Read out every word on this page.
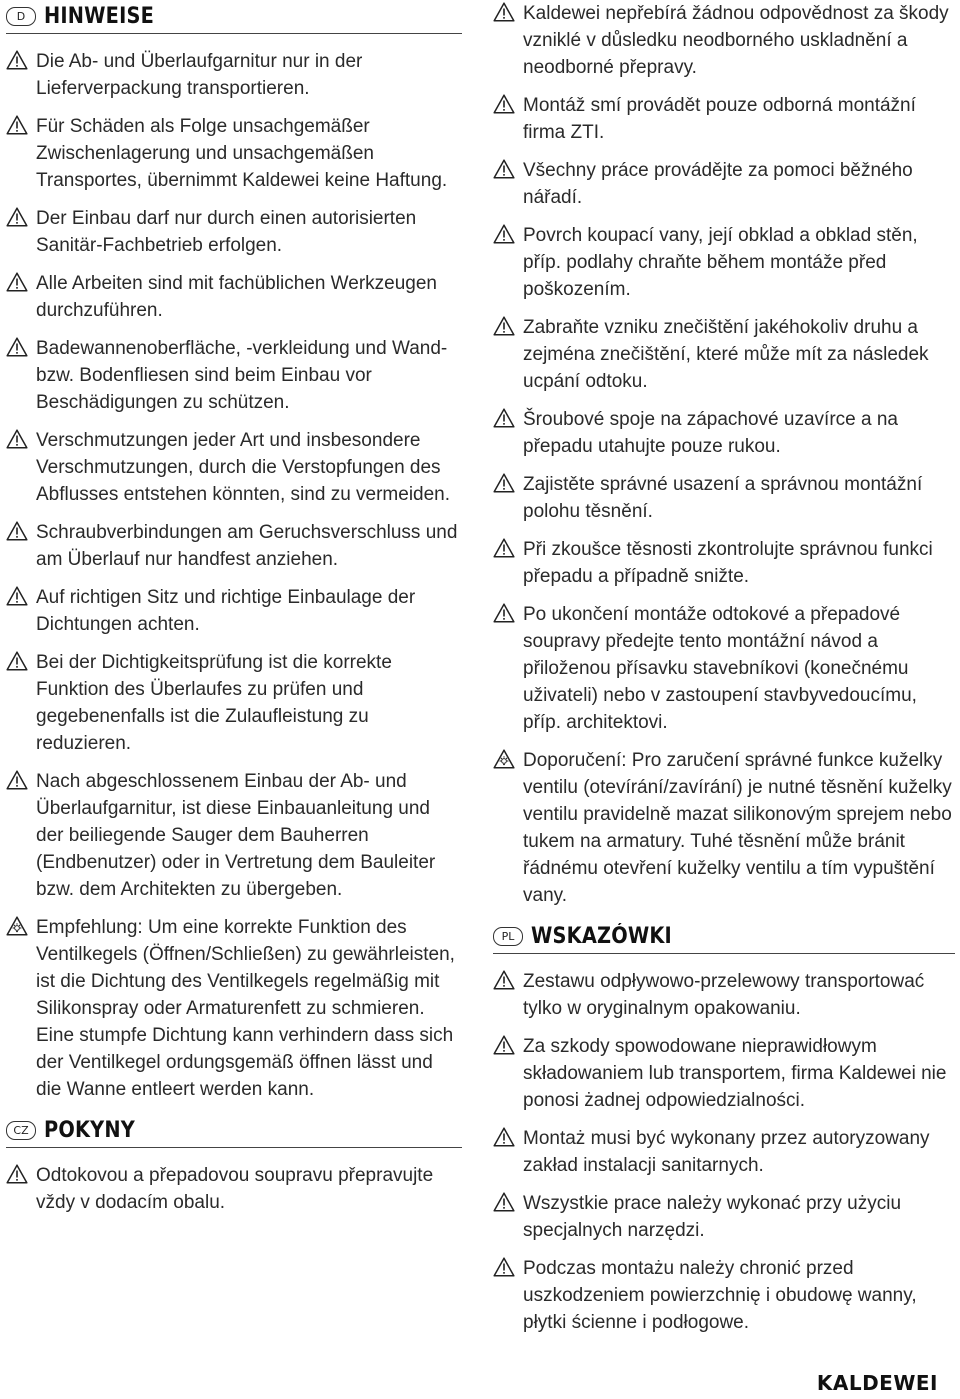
D HINWEISE
Die Ab- und Überlaufgarnitur nur in der Lieferverpackung transportieren.
Für Schäden als Folge unsachgemäßer Zwischenlagerung und unsachgemäßen Transportes, übernimmt Kaldewei keine Haftung.
Der Einbau darf nur durch einen autorisierten Sanitär-Fachbetrieb erfolgen.
Alle Arbeiten sind mit fachüblichen Werkzeugen durchzuführen.
Badewannenoberfläche, -verkleidung und Wand- bzw. Bodenfliesen sind beim Einbau vor Beschädigungen zu schützen.
Verschmutzungen jeder Art und insbesondere Verschmutzungen, durch die Verstopfungen des Abflusses entstehen könnten, sind zu vermeiden.
Schraubverbindungen am Geruchsverschluss und am Überlauf nur handfest anziehen.
Auf richtigen Sitz und richtige Einbaulage der Dichtungen achten.
Bei der Dichtigkeitsprüfung ist die korrekte Funktion des Überlaufes zu prüfen und gegebenenfalls ist die Zulaufleistung zu reduzieren.
Nach abgeschlossenem Einbau der Ab- und Überlaufgarnitur, ist diese Einbauanleitung und der beiliegende Sauger dem Bauherren (Endbenutzer) oder in Vertretung dem Bauleiter bzw. dem Architekten zu übergeben.
Empfehlung: Um eine korrekte Funktion des Ventilkegels (Öffnen/Schließen) zu gewährleisten, ist die Dichtung des Ventilkegels regelmäßig mit Silikonspray oder Armaturenfett zu schmieren. Eine stumpfe Dichtung kann verhindern dass sich der Ventilkegel ordungsgemäß öffnen lässt und die Wanne entleert werden kann.
CZ POKYNY
Odtokovou a přepadovou soupravu přepravujte vždy v dodacím obalu.
Kaldewei nepřebírá žádnou odpovědnost za škody vzniklé v důsledku neodborného uskladnění a neodborné přepravy.
Montáž smí provádět pouze odborná montážní firma ZTI.
Všechny práce provádějte za pomoci běžného nářadí.
Povrch koupací vany, její obklad a obklad stěn, příp. podlahy chraňte během montáže před poškozením.
Zabraňte vzniku znečištění jakéhokoliv druhu a zejména znečištění, které může mít za následek ucpání odtoku.
Šroubové spoje na zápachové uzavírce a na přepadu utahujte pouze rukou.
Zajistěte správné usazení a správnou montážní polohu těsnění.
Při zkoušce těsnosti zkontrolujte správnou funkci přepadu a případně snižte.
Po ukončení montáže odtokové a přepadové soupravy předejte tento montážní návod a přiloženou přísavku stavebníkovi (konečnému uživateli) nebo v zastoupení stavbyvedoucímu, příp. architektovi.
Doporučení: Pro zaručení správné funkce kuželky ventilu (otevírání/zavírání) je nutné těsnění kuželky ventilu pravidelně mazat silikonovým sprejem nebo tukem na armatury. Tuhé těsnění může bránit řádnému otevření kuželky ventilu a tím vypuštění vany.
PL WSKAZÓWKI
Zestawu odpływowo-przelewowy transportować tylko w oryginalnym opakowaniu.
Za szkody spowodowane nieprawidłowym składowaniem lub transportem, firma Kaldewei nie ponosi żadnej odpowiedzialności.
Montaż musi być wykonany przez autoryzowany zakład instalacji sanitarnych.
Wszystkie prace należy wykonać przy użyciu specjalnych narzędzi.
Podczas montażu należy chronić przed uszkodzeniem powierzchnię i obudowę wanny, płytki ścienne i podłogowe.
KALDEWEI
